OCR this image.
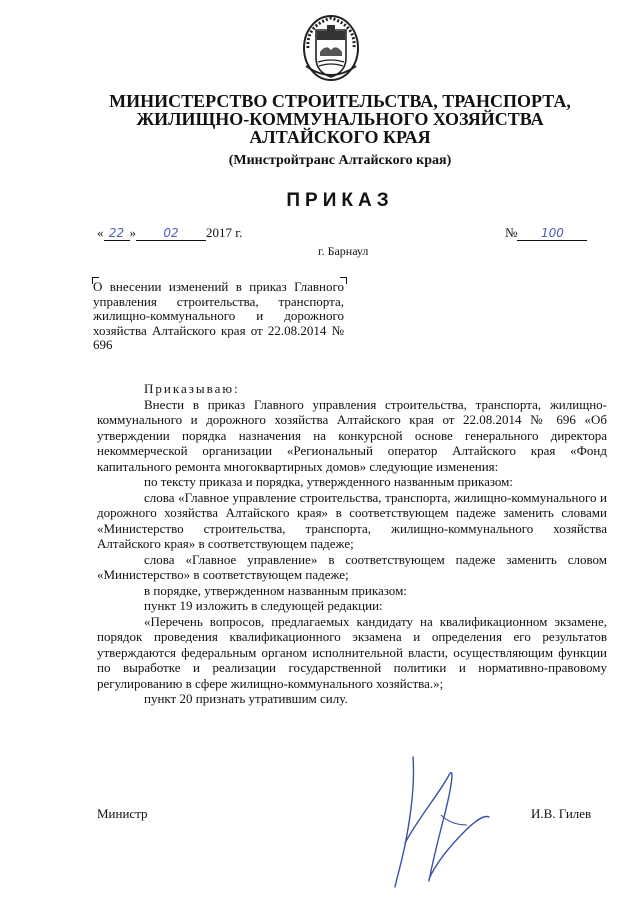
МИНИСТЕРСТВО СТРОИТЕЛЬСТВА, ТРАНСПОРТА,
ЖИЛИЩНО-КОММУНАЛЬНОГО ХОЗЯЙСТВА
АЛТАЙСКОГО КРАЯ
(Минстройтранс Алтайского края)
ПРИКАЗ
« 22 » 02 2017 г.	№ 100
г. Барнаул
О внесении изменений в приказ Главного управления строительства, транспорта, жилищно-коммунального и дорожного хозяйства Алтайского края от 22.08.2014 № 696

Приказываю:

Внести в приказ Главного управления строительства, транспорта, жилищно-коммунального и дорожного хозяйства Алтайского края от 22.08.2014 № 696 «Об утверждении порядка назначения на конкурсной основе генерального директора некоммерческой организации «Региональный оператор Алтайского края «Фонд капитального ремонта многоквартирных домов» следующие изменения:

по тексту приказа и порядка, утвержденного названным приказом:

слова «Главное управление строительства, транспорта, жилищно-коммунального и дорожного хозяйства Алтайского края» в соответствующем падеже заменить словами «Министерство строительства, транспорта, жилищно-коммунального хозяйства Алтайского края» в соответствующем падеже;

слова «Главное управление» в соответствующем падеже заменить словом «Министерство» в соответствующем падеже;

в порядке, утвержденном названным приказом:

пункт 19 изложить в следующей редакции:

«Перечень вопросов, предлагаемых кандидату на квалификационном экзамене, порядок проведения квалификационного экзамена и определения его результатов утверждаются федеральным органом исполнительной власти, осуществляющим функции по выработке и реализации государственной политики и нормативно-правовому регулированию в сфере жилищно-коммунального хозяйства.»;

пункт 20 признать утратившим силу.

Министр	И.В. Гилев
